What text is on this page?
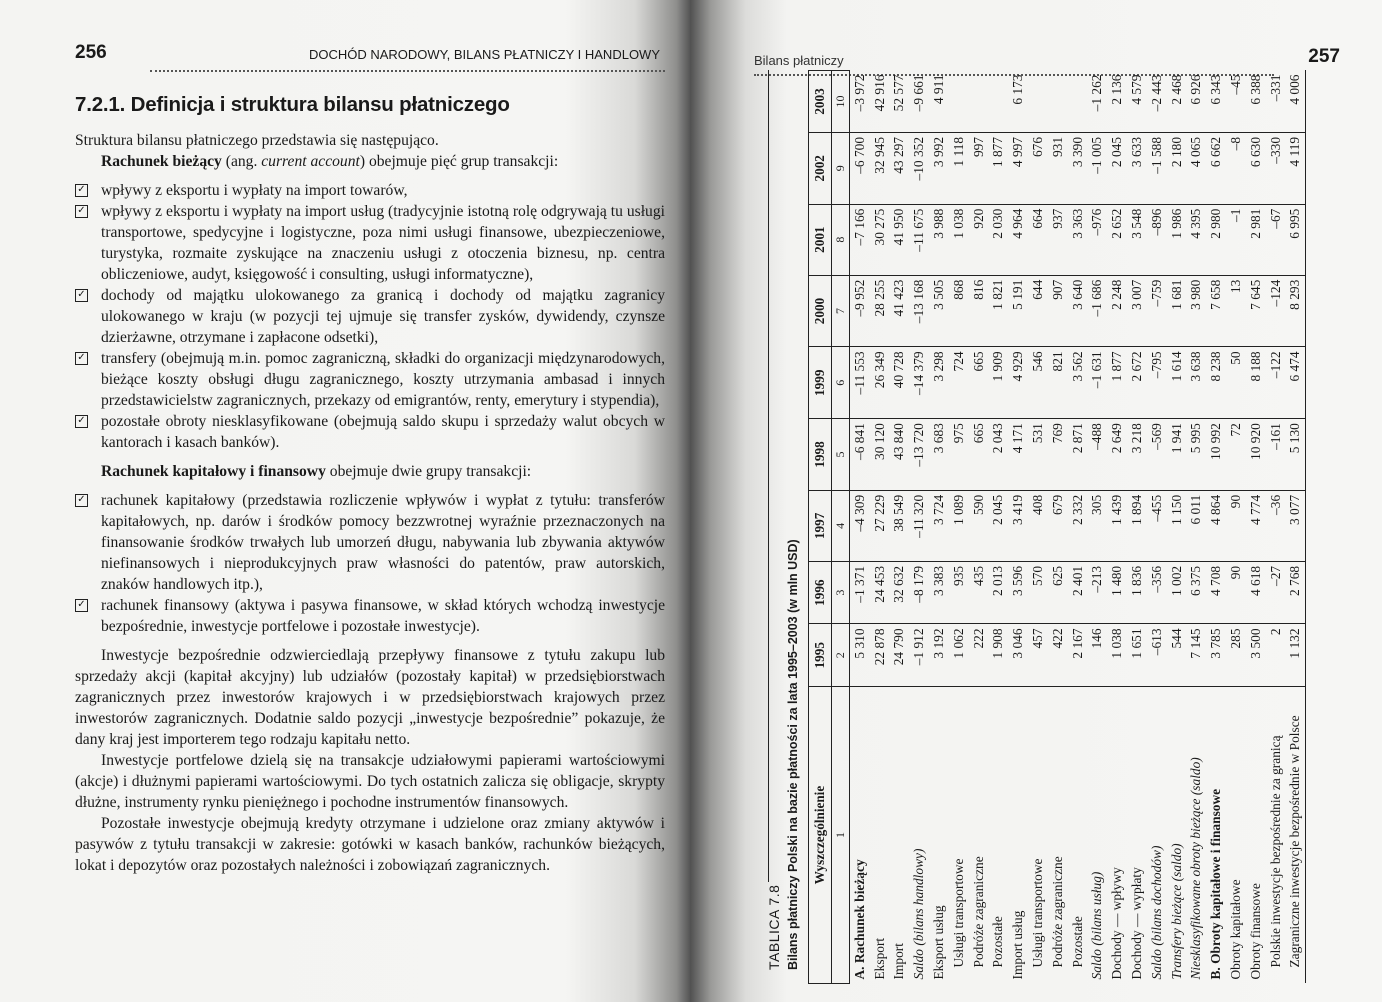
256	DOCHÓD NARODOWY, BILANS PŁATNICZY I HANDLOWY
7.2.1. Definicja i struktura bilansu płatniczego

Struktura bilansu płatniczego przedstawia się następująco.

Rachunek bieżący (ang. current account) obejmuje pięć grup transakcji:

✓ wpływy z eksportu i wypłaty na import towarów,

✓ wpływy z eksportu i wypłaty na import usług (tradycyjnie istotną rolę odgrywają tu usługi transportowe, spedycyjne i logistyczne, poza nimi usługi finansowe, ubezpieczeniowe, turystyka, rozmaite zyskujące na znaczeniu usługi z otoczenia biznesu, np. centra obliczeniowe, audyt, księgowość i consulting, usługi informatyczne),

✓ dochody od majątku ulokowanego za granicą i dochody od majątku zagranicy ulokowanego w kraju (w pozycji tej ujmuje się transfer zysków, dywidendy, czynsze dzierżawne, otrzymane i zapłacone odsetki),

✓ transfery (obejmują m.in. pomoc zagraniczną, składki do organizacji międzynarodowych, bieżące koszty obsługi długu zagranicznego, koszty utrzymania ambasad i innych przedstawicielstw zagranicznych, przekazy od emigrantów, renty, emerytury i stypendia),

✓ pozostałe obroty niesklasyfikowane (obejmują saldo skupu i sprzedaży walut obcych w kantorach i kasach banków).

Rachunek kapitałowy i finansowy obejmuje dwie grupy transakcji:

✓ rachunek kapitałowy (przedstawia rozliczenie wpływów i wypłat z tytułu: transferów kapitałowych, np. darów i środków pomocy bezzwrotnej wyraźnie przeznaczonych na finansowanie środków trwałych lub umorzeń długu, nabywania lub zbywania aktywów niefinansowych i nieprodukcyjnych praw własności do patentów, praw autorskich, znaków handlowych itp.),

✓ rachunek finansowy (aktywa i pasywa finansowe, w skład których wchodzą inwestycje bezpośrednie, inwestycje portfelowe i pozostałe inwestycje).

Inwestycje bezpośrednie odzwierciedlają przepływy finansowe z tytułu zakupu lub sprzedaży akcji (kapitał akcyjny) lub udziałów (pozostały kapitał) w przedsiębiorstwach zagranicznych przez inwestorów krajowych i w przedsiębiorstwach krajowych przez inwestorów zagranicznych. Dodatnie saldo pozycji „inwestycje bezpośrednie” pokazuje, że dany kraj jest importerem tego rodzaju kapitału netto.

Inwestycje portfelowe dzielą się na transakcje udziałowymi papierami wartościowymi (akcje) i dłużnymi papierami wartościowymi. Do tych ostatnich zalicza się obligacje, skrypty dłużne, instrumenty rynku pieniężnego i pochodne instrumentów finansowych.

Pozostałe inwestycje obejmują kredyty otrzymane i udzielone oraz zmiany aktywów i pasywów z tytułu transakcji w zakresie: gotówki w kasach banków, rachunków bieżących, lokat i depozytów oraz pozostałych należności i zobowiązań zagranicznych.

Bilans płatniczy	257
TABLICA 7.8 Bilans płatniczy Polski na bazie płatności za lata 1995–2003 (w mln USD) Wyszczególnienie	1995	1996	1997	1998	1999	2000	2001	2002	2003
1	2	3	4	5	6	7	8	9	10
A. Rachunek bieżący	5 310	–1 371	–4 309	–6 841	–11 553	–9 952	–7 166	–6 700	–3 972
Eksport	22 878	24 453	27 229	30 120	26 349	28 255	30 275	32 945	42 916
Import	24 790	32 632	38 549	43 840	40 728	41 423	41 950	43 297	52 577
Saldo (bilans handlowy)	–1 912	–8 179	–11 320	–13 720	–14 379	–13 168	–11 675	–10 352	–9 661
Eksport usług	3 192	3 383	3 724	3 683	3 298	3 505	3 988	3 992	4 911
Usługi transportowe	1 062	935	1 089	975	724	868	1 038	1 118	
Podróże zagraniczne	222	435	590	665	665	816	920	997	
Pozostałe	1 908	2 013	2 045	2 043	1 909	1 821	2 030	1 877	
Import usług	3 046	3 596	3 419	4 171	4 929	5 191	4 964	4 997	6 173
Usługi transportowe	457	570	408	531	546	644	664	676	
Podróże zagraniczne	422	625	679	769	821	907	937	931	
Pozostałe	2 167	2 401	2 332	2 871	3 562	3 640	3 363	3 390	
Saldo (bilans usług)	146	–213	305	–488	–1 631	–1 686	–976	–1 005	–1 262
Dochody — wpływy	1 038	1 480	1 439	2 649	1 877	2 248	2 652	2 045	2 136
Dochody — wypłaty	1 651	1 836	1 894	3 218	2 672	3 007	3 548	3 633	4 579
Saldo (bilans dochodów)	–613	–356	–455	–569	–795	–759	–896	–1 588	–2 443
Transfery bieżące (saldo)	544	1 002	1 150	1 941	1 614	1 681	1 986	2 180	2 468
Niesklasyfikowane obroty bieżące (saldo)	7 145	6 375	6 011	5 995	3 638	3 980	4 395	4 065	6 926
B. Obroty kapitałowe i finansowe	3 785	4 708	4 864	10 992	8 238	7 658	2 980	6 662	6 343
Obroty kapitałowe	285	90	90	72	50	13	–1	–8	–45
Obroty finansowe	3 500	4 618	4 774	10 920	8 188	7 645	2 981	6 630	6 388
Polskie inwestycje bezpośrednie za granicą	2	–27	–36	–161	–122	–124	–67	–330	–331
Zagraniczne inwestycje bezpośrednie w Polsce	1 132	2 768	3 077	5 130	6 474	8 293	6 995	4 119	4 006
